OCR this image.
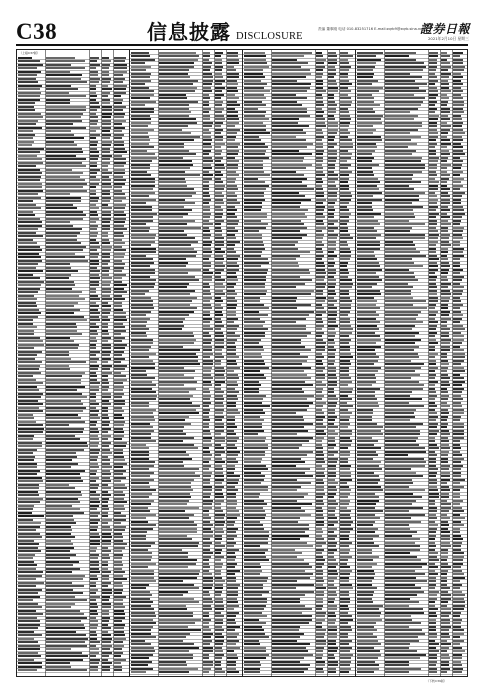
C38	信息披露 DISCLOSURE
责编 董事刚 电话 010-83251716 E-mail:zqrb9@zqrb.sina.net
證券日報
2021年2月10日 星期三
（上接C37版）
（下转C39版）
